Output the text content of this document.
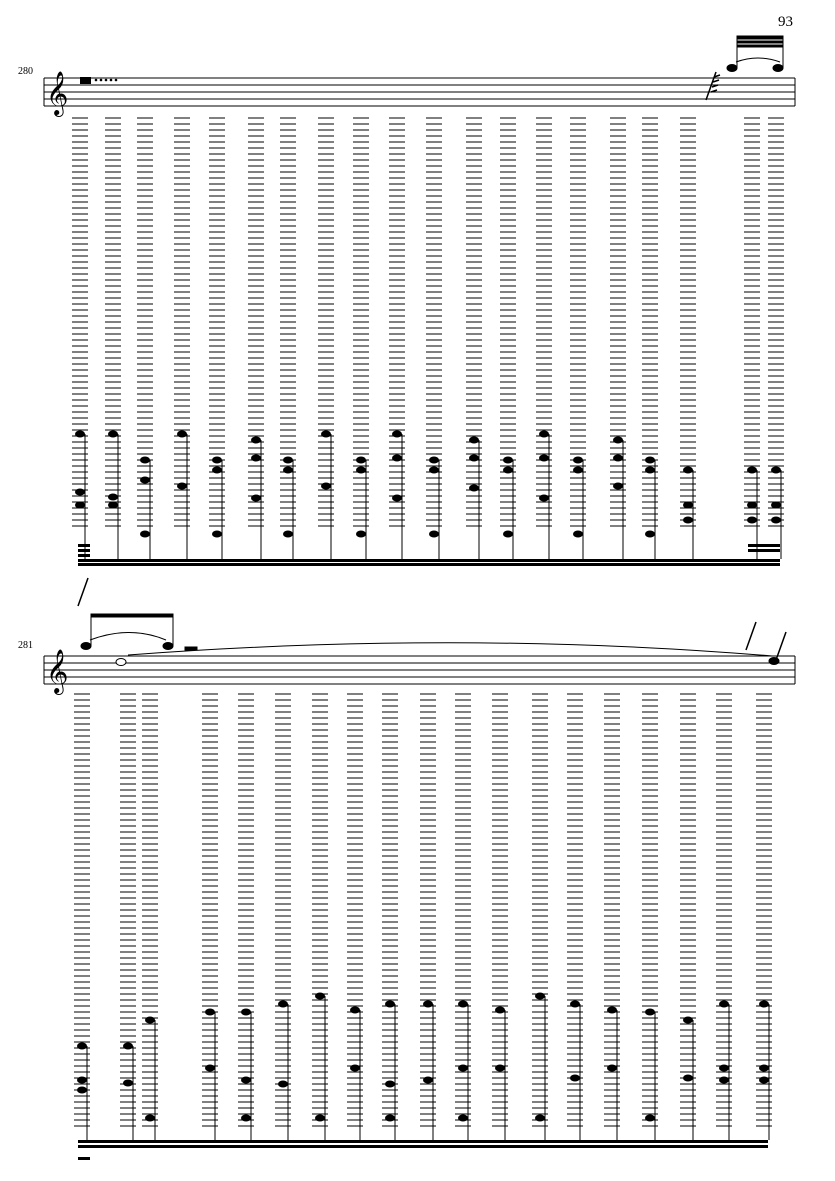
93
280
281
𝄞
𝄞
